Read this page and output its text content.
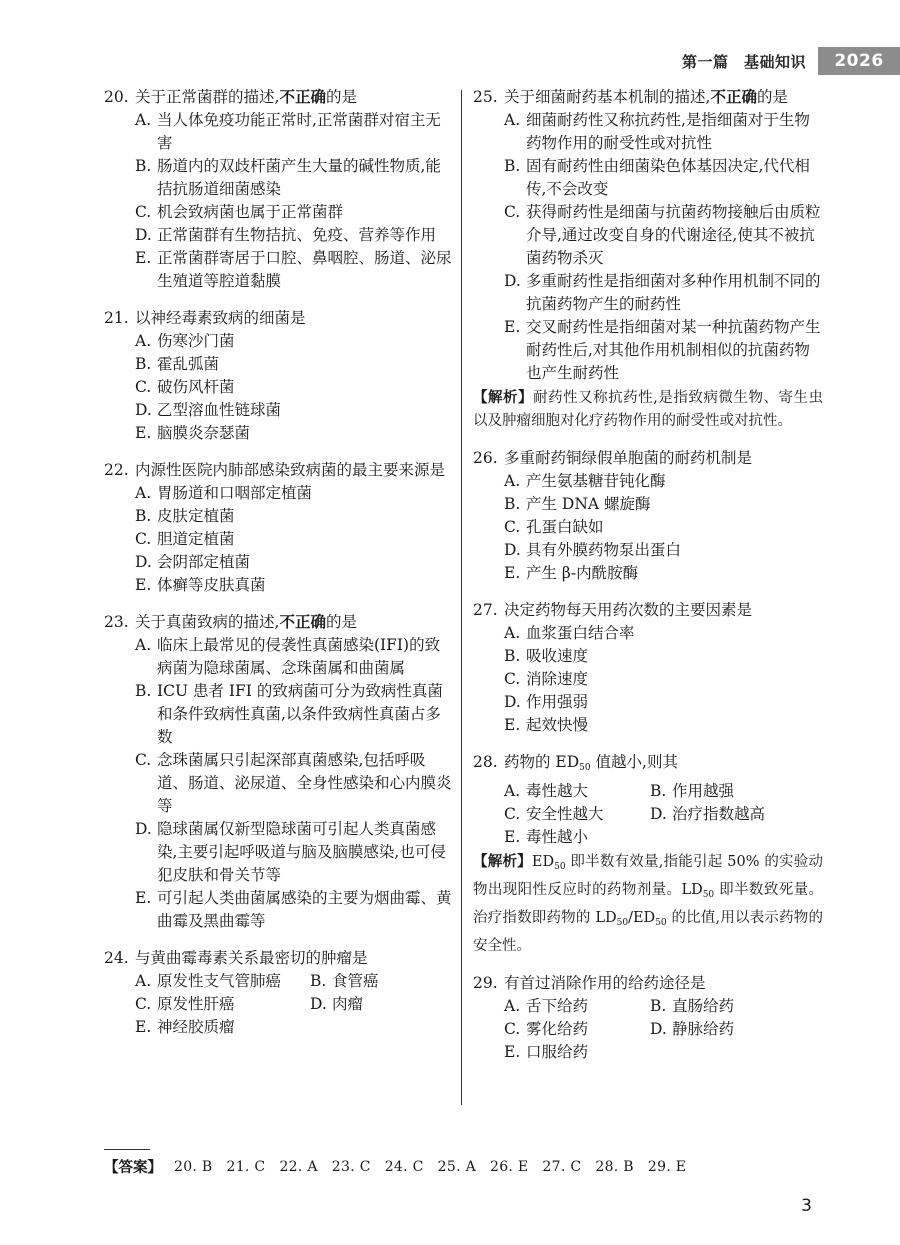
第一篇　基础知识	2026
20. 关于正常菌群的描述,不正确的是
A. 当人体免疫功能正常时,正常菌群对宿主无害
B. 肠道内的双歧杆菌产生大量的碱性物质,能拮抗肠道细菌感染
C. 机会致病菌也属于正常菌群
D. 正常菌群有生物拮抗、免疫、营养等作用
E. 正常菌群寄居于口腔、鼻咽腔、肠道、泌尿生殖道等腔道黏膜
21. 以神经毒素致病的细菌是
A. 伤寒沙门菌
B. 霍乱弧菌
C. 破伤风杆菌
D. 乙型溶血性链球菌
E. 脑膜炎奈瑟菌
22. 内源性医院内肺部感染致病菌的最主要来源是
A. 胃肠道和口咽部定植菌
B. 皮肤定植菌
C. 胆道定植菌
D. 会阴部定植菌
E. 体癣等皮肤真菌
23. 关于真菌致病的描述,不正确的是
A. 临床上最常见的侵袭性真菌感染(IFI)的致病菌为隐球菌属、念珠菌属和曲菌属
B. ICU 患者 IFI 的致病菌可分为致病性真菌和条件致病性真菌,以条件致病性真菌占多数
C. 念珠菌属只引起深部真菌感染,包括呼吸道、肠道、泌尿道、全身性感染和心内膜炎等
D. 隐球菌属仅新型隐球菌可引起人类真菌感染,主要引起呼吸道与脑及脑膜感染,也可侵犯皮肤和骨关节等
E. 可引起人类曲菌属感染的主要为烟曲霉、黄曲霉及黑曲霉等
24. 与黄曲霉毒素关系最密切的肿瘤是
A. 原发性支气管肺癌	B. 食管癌
C. 原发性肝癌	D. 肉瘤
E. 神经胶质瘤
25. 关于细菌耐药基本机制的描述,不正确的是
A. 细菌耐药性又称抗药性,是指细菌对于生物药物作用的耐受性或对抗性
B. 固有耐药性由细菌染色体基因决定,代代相传,不会改变
C. 获得耐药性是细菌与抗菌药物接触后由质粒介导,通过改变自身的代谢途径,使其不被抗菌药物杀灭
D. 多重耐药性是指细菌对多种作用机制不同的抗菌药物产生的耐药性
E. 交叉耐药性是指细菌对某一种抗菌药物产生耐药性后,对其他作用机制相似的抗菌药物也产生耐药性
【解析】耐药性又称抗药性,是指致病微生物、寄生虫以及肿瘤细胞对化疗药物作用的耐受性或对抗性。
26. 多重耐药铜绿假单胞菌的耐药机制是
A. 产生氨基糖苷钝化酶
B. 产生 DNA 螺旋酶
C. 孔蛋白缺如
D. 具有外膜药物泵出蛋白
E. 产生 β-内酰胺酶
27. 决定药物每天用药次数的主要因素是
A. 血浆蛋白结合率
B. 吸收速度
C. 消除速度
D. 作用强弱
E. 起效快慢
28. 药物的 $ED_{50}$ 值越小,则其
A. 毒性越大	B. 作用越强
C. 安全性越大	D. 治疗指数越高
E. 毒性越小
【解析】$ED_{50}$ 即半数有效量,指能引起 50% 的实验动物出现阳性反应时的药物剂量。$LD_{50}$ 即半数致死量。治疗指数即药物的 $LD_{50}/ED_{50}$ 的比值,用以表示药物的安全性。
29. 有首过消除作用的给药途径是
A. 舌下给药	B. 直肠给药
C. 雾化给药	D. 静脉给药
E. 口服给药
【答案】 20. B 21. C 22. A 23. C 24. C 25. A 26. E 27. C 28. B 29. E
3
